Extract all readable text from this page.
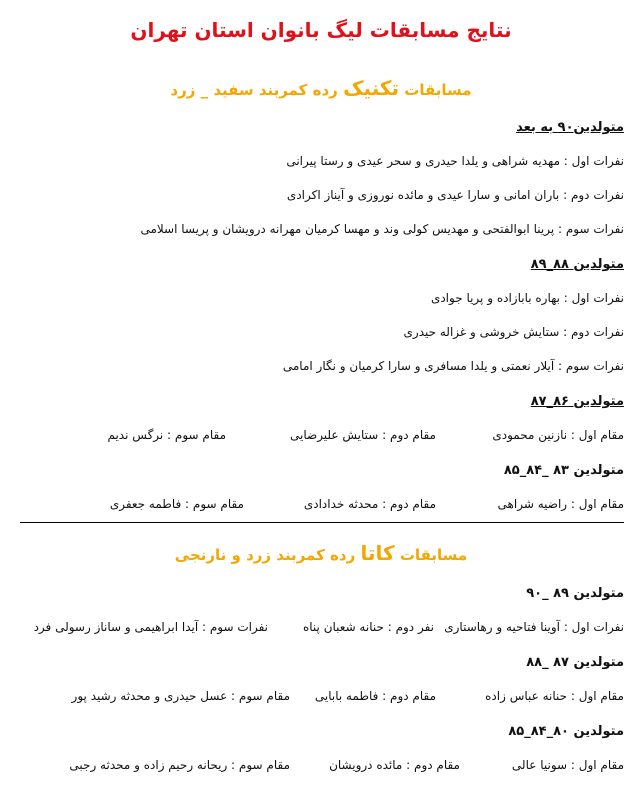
نتایج مسابقات لیگ بانوان استان تهران
مسابقات تکنیک رده کمربند سفید _ زرد
متولدین۹۰ به بعد
نفرات اول : مهدیه شراهی و یلدا حیدری و سحر عیدی و رستا پیرانی
نفرات دوم : باران امانی و سارا عیدی و مائده نوروزی و آیناز اکرادی
نفرات سوم : پرینا ابوالفتحی و مهدیس کولی وند و مهسا کرمیان مهرانه درویشان و پریسا اسلامی
متولدین ۸۸_۸۹
نفرات اول : بهاره بابازاده و پریا جوادی
نفرات دوم : ستایش خروشی و غزاله حیدری
نفرات سوم : آیلار نعمتی و یلدا مسافری و سارا کرمیان و نگار امامی
متولدین ۸۶_۸۷
مقام اول : نازنین محمودی
مقام دوم : ستایش علیرضایی
مقام سوم : نرگس ندیم
متولدین ۸۳ _۸۴_۸۵
مقام اول : راضیه شراهی
مقام دوم : محدثه خدادادی
مقام سوم : فاطمه جعفری
مسابقات کاتا رده کمربند زرد و نارنجی
متولدین ۸۹ _۹۰
نفرات اول : آوینا فتاحیه و رهاستاری
نفر دوم : حنانه شعبان پناه
نفرات سوم : آیدا ابراهیمی و ساناز رسولی فرد
متولدین ۸۷ _۸۸
مقام اول : حنانه عباس زاده
مقام دوم : فاطمه بابایی
مقام سوم : عسل حیدری و محدثه رشید پور
متولدین ۸۰_۸۴_۸۵
مقام اول : سونیا عالی
مقام دوم : مائده درویشان
مقام سوم : ریحانه رحیم زاده و محدثه رجبی
